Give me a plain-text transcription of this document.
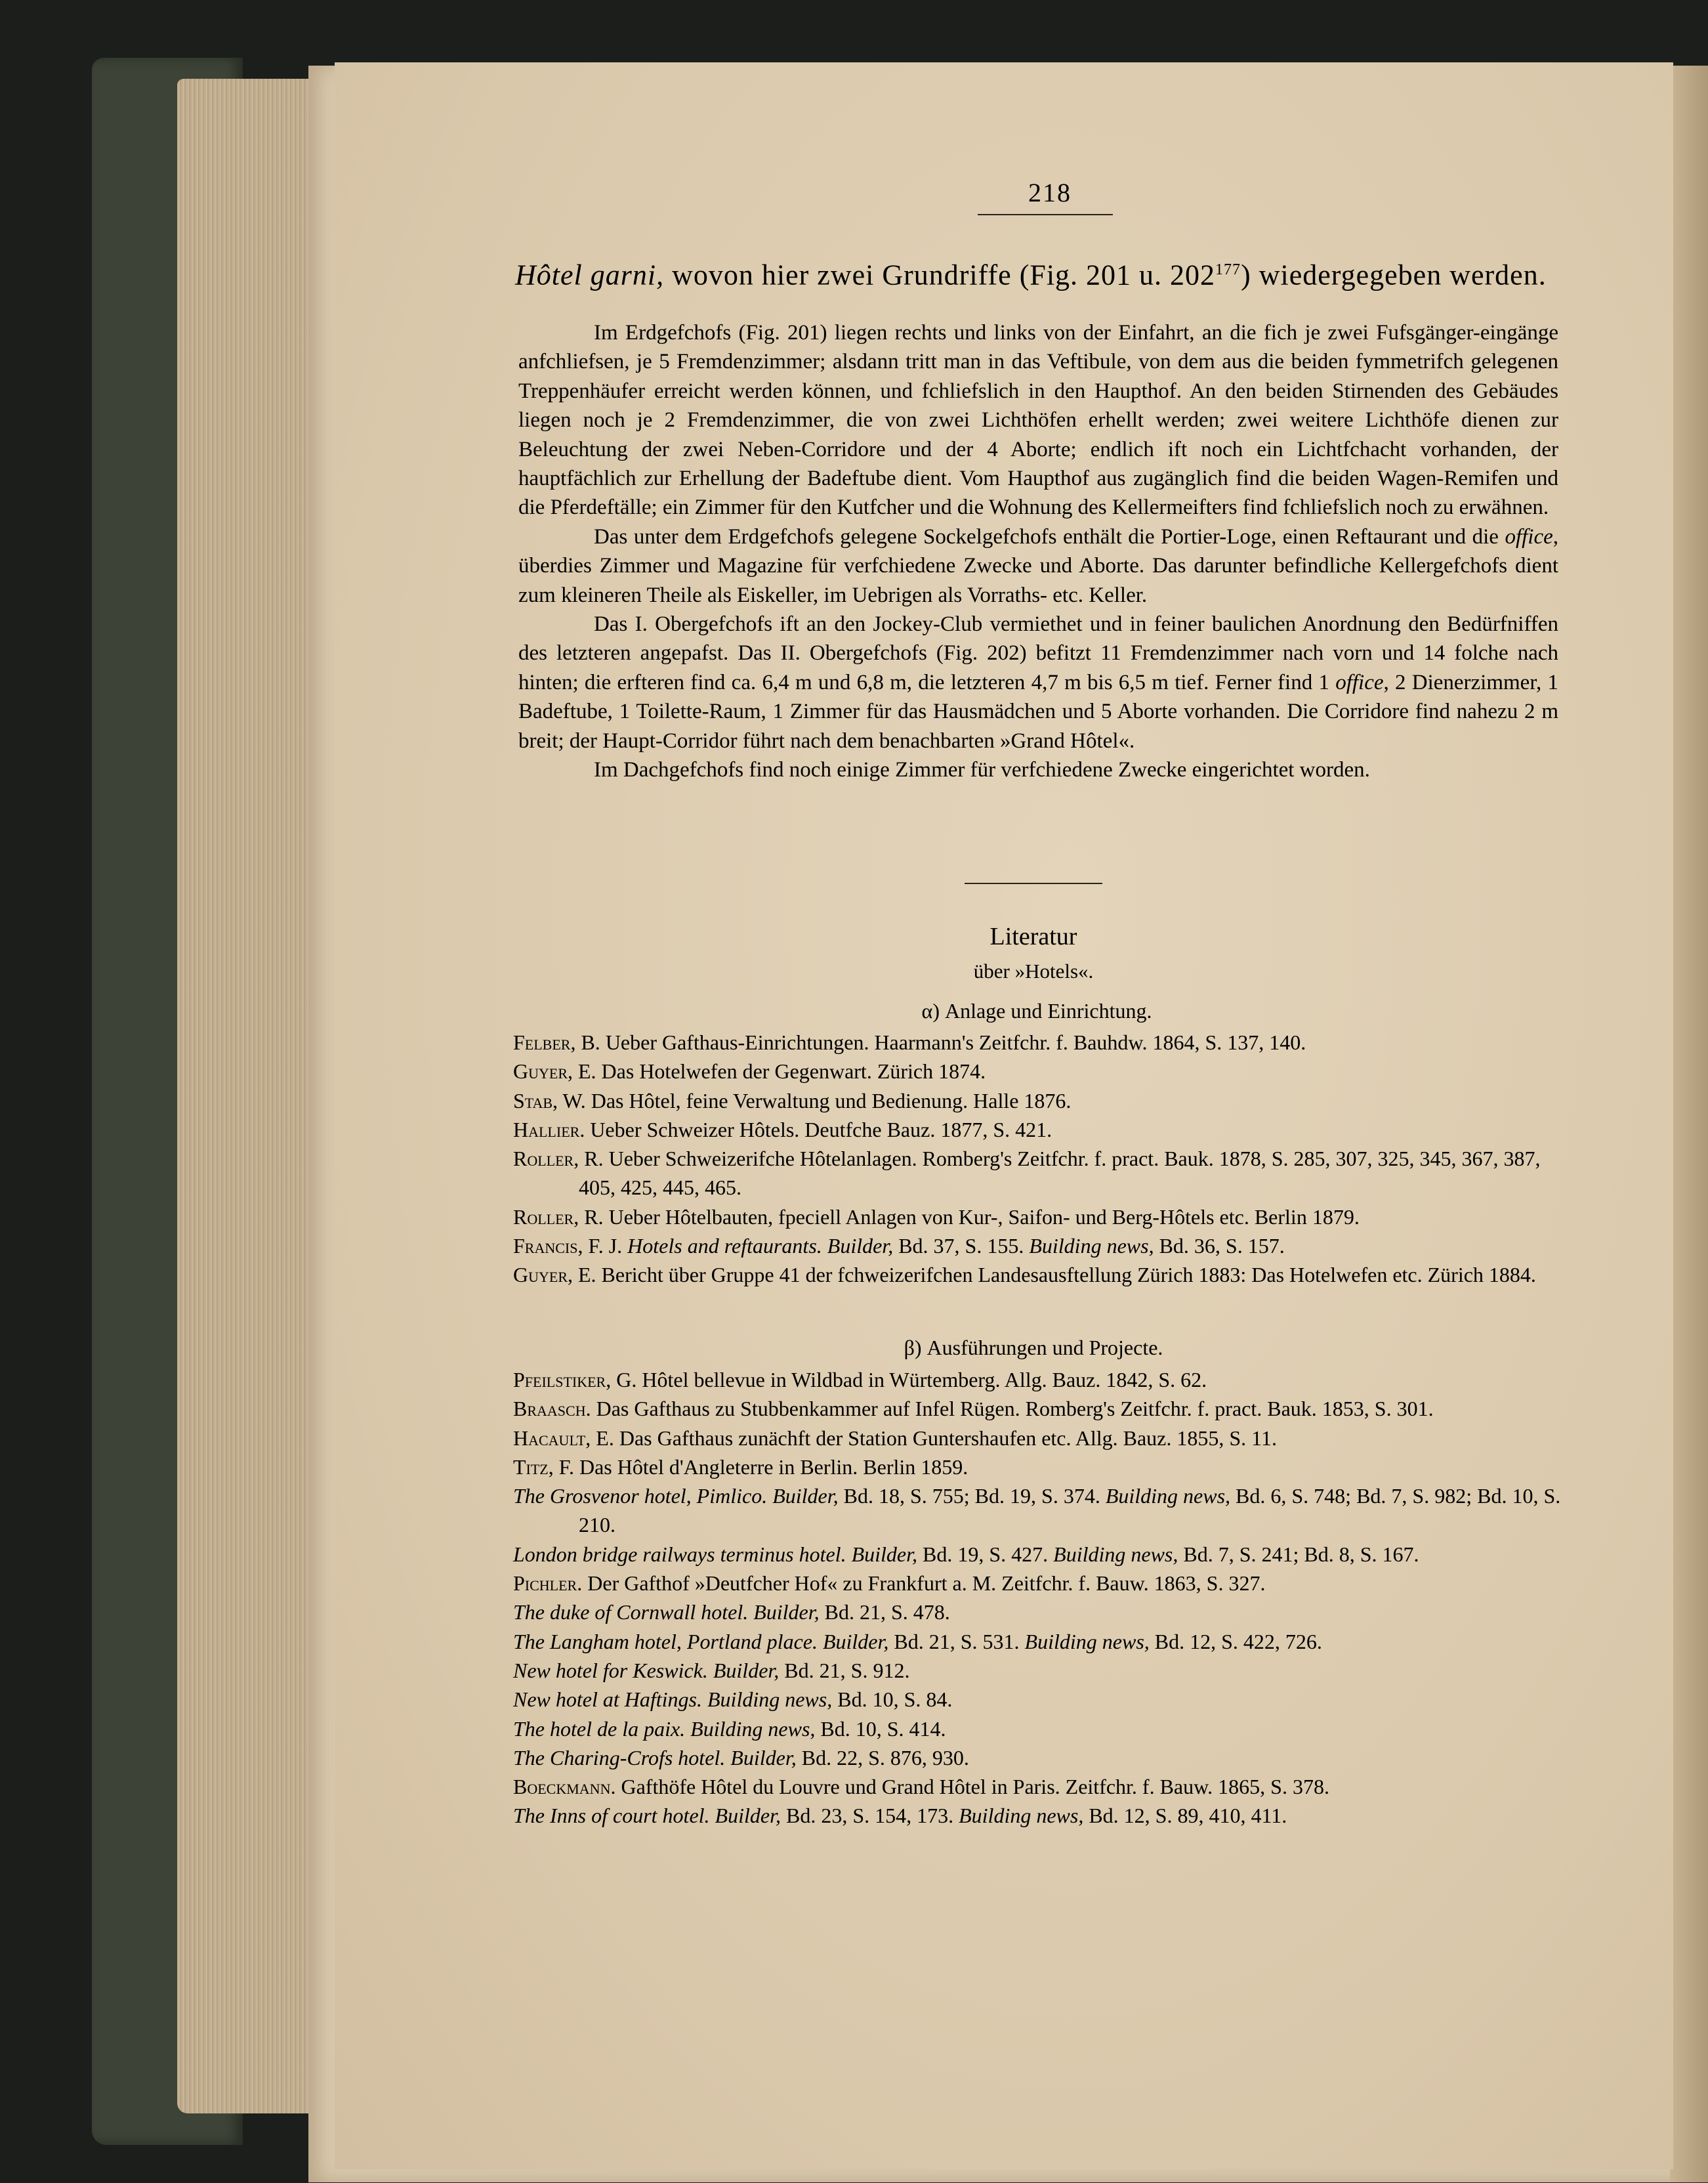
218
Hôtel garni, wovon hier zwei Grundriffe (Fig. 201 u. $202^{177}$) wiedergegeben werden.

Im Erdgefchofs (Fig. 201) liegen rechts und links von der Einfahrt, an die fich je zwei Fufsgänger-eingänge anfchliefsen, je 5 Fremdenzimmer; alsdann tritt man in das Veftibule, von dem aus die beiden fymmetrifch gelegenen Treppenhäufer erreicht werden können, und fchliefslich in den Haupthof. An den beiden Stirnenden des Gebäudes liegen noch je 2 Fremdenzimmer, die von zwei Lichthöfen erhellt werden; zwei weitere Lichthöfe dienen zur Beleuchtung der zwei Neben-Corridore und der 4 Aborte; endlich ift noch ein Lichtfchacht vorhanden, der hauptfächlich zur Erhellung der Badeftube dient. Vom Haupthof aus zugänglich find die beiden Wagen-Remifen und die Pferdeftälle; ein Zimmer für den Kutfcher und die Wohnung des Kellermeifters find fchliefslich noch zu erwähnen.

Das unter dem Erdgefchofs gelegene Sockelgefchofs enthält die Portier-Loge, einen Reftaurant und die office, überdies Zimmer und Magazine für verfchiedene Zwecke und Aborte. Das darunter befindliche Kellergefchofs dient zum kleineren Theile als Eiskeller, im Uebrigen als Vorraths- etc. Keller.

Das I. Obergefchofs ift an den Jockey-Club vermiethet und in feiner baulichen Anordnung den Bedürfniffen des letzteren angepafst. Das II. Obergefchofs (Fig. 202) befitzt 11 Fremdenzimmer nach vorn und 14 folche nach hinten; die erfteren find ca. 6,4 m und 6,8 m, die letzteren 4,7 m bis 6,5 m tief. Ferner find 1 office, 2 Dienerzimmer, 1 Badeftube, 1 Toilette-Raum, 1 Zimmer für das Hausmädchen und 5 Aborte vorhanden. Die Corridore find nahezu 2 m breit; der Haupt-Corridor führt nach dem benachbarten »Grand Hôtel«.

Im Dachgefchofs find noch einige Zimmer für verfchiedene Zwecke eingerichtet worden.

Literatur
über »Hotels«.
α) Anlage und Einrichtung.
Felber, B. Ueber Gafthaus-Einrichtungen. Haarmann's Zeitfchr. f. Bauhdw. 1864, S. 137, 140.
Guyer, E. Das Hotelwefen der Gegenwart. Zürich 1874.
Stab, W. Das Hôtel, feine Verwaltung und Bedienung. Halle 1876.
Hallier. Ueber Schweizer Hôtels. Deutfche Bauz. 1877, S. 421.
Roller, R. Ueber Schweizerifche Hôtelanlagen. Romberg's Zeitfchr. f. pract. Bauk. 1878, S. 285, 307, 325, 345, 367, 387, 405, 425, 445, 465.
Roller, R. Ueber Hôtelbauten, fpeciell Anlagen von Kur-, Saifon- und Berg-Hôtels etc. Berlin 1879.
Francis, F. J. Hotels and reftaurants. Builder, Bd. 37, S. 155. Building news, Bd. 36, S. 157.
Guyer, E. Bericht über Gruppe 41 der fchweizerifchen Landesausftellung Zürich 1883: Das Hotelwefen etc. Zürich 1884.
β) Ausführungen und Projecte.
Pfeilstiker, G. Hôtel bellevue in Wildbad in Würtemberg. Allg. Bauz. 1842, S. 62.
Braasch. Das Gafthaus zu Stubbenkammer auf Infel Rügen. Romberg's Zeitfchr. f. pract. Bauk. 1853, S. 301.
Hacault, E. Das Gafthaus zunächft der Station Guntershaufen etc. Allg. Bauz. 1855, S. 11.
Titz, F. Das Hôtel d'Angleterre in Berlin. Berlin 1859.
The Grosvenor hotel, Pimlico. Builder, Bd. 18, S. 755; Bd. 19, S. 374. Building news, Bd. 6, S. 748; Bd. 7, S. 982; Bd. 10, S. 210.
London bridge railways terminus hotel. Builder, Bd. 19, S. 427. Building news, Bd. 7, S. 241; Bd. 8, S. 167.
Pichler. Der Gafthof »Deutfcher Hof« zu Frankfurt a. M. Zeitfchr. f. Bauw. 1863, S. 327.
The duke of Cornwall hotel. Builder, Bd. 21, S. 478.
The Langham hotel, Portland place. Builder, Bd. 21, S. 531. Building news, Bd. 12, S. 422, 726.
New hotel for Keswick. Builder, Bd. 21, S. 912.
New hotel at Haftings. Building news, Bd. 10, S. 84.
The hotel de la paix. Building news, Bd. 10, S. 414.
The Charing-Crofs hotel. Builder, Bd. 22, S. 876, 930.
Boeckmann. Gafthöfe Hôtel du Louvre und Grand Hôtel in Paris. Zeitfchr. f. Bauw. 1865, S. 378.
The Inns of court hotel. Builder, Bd. 23, S. 154, 173. Building news, Bd. 12, S. 89, 410, 411.
